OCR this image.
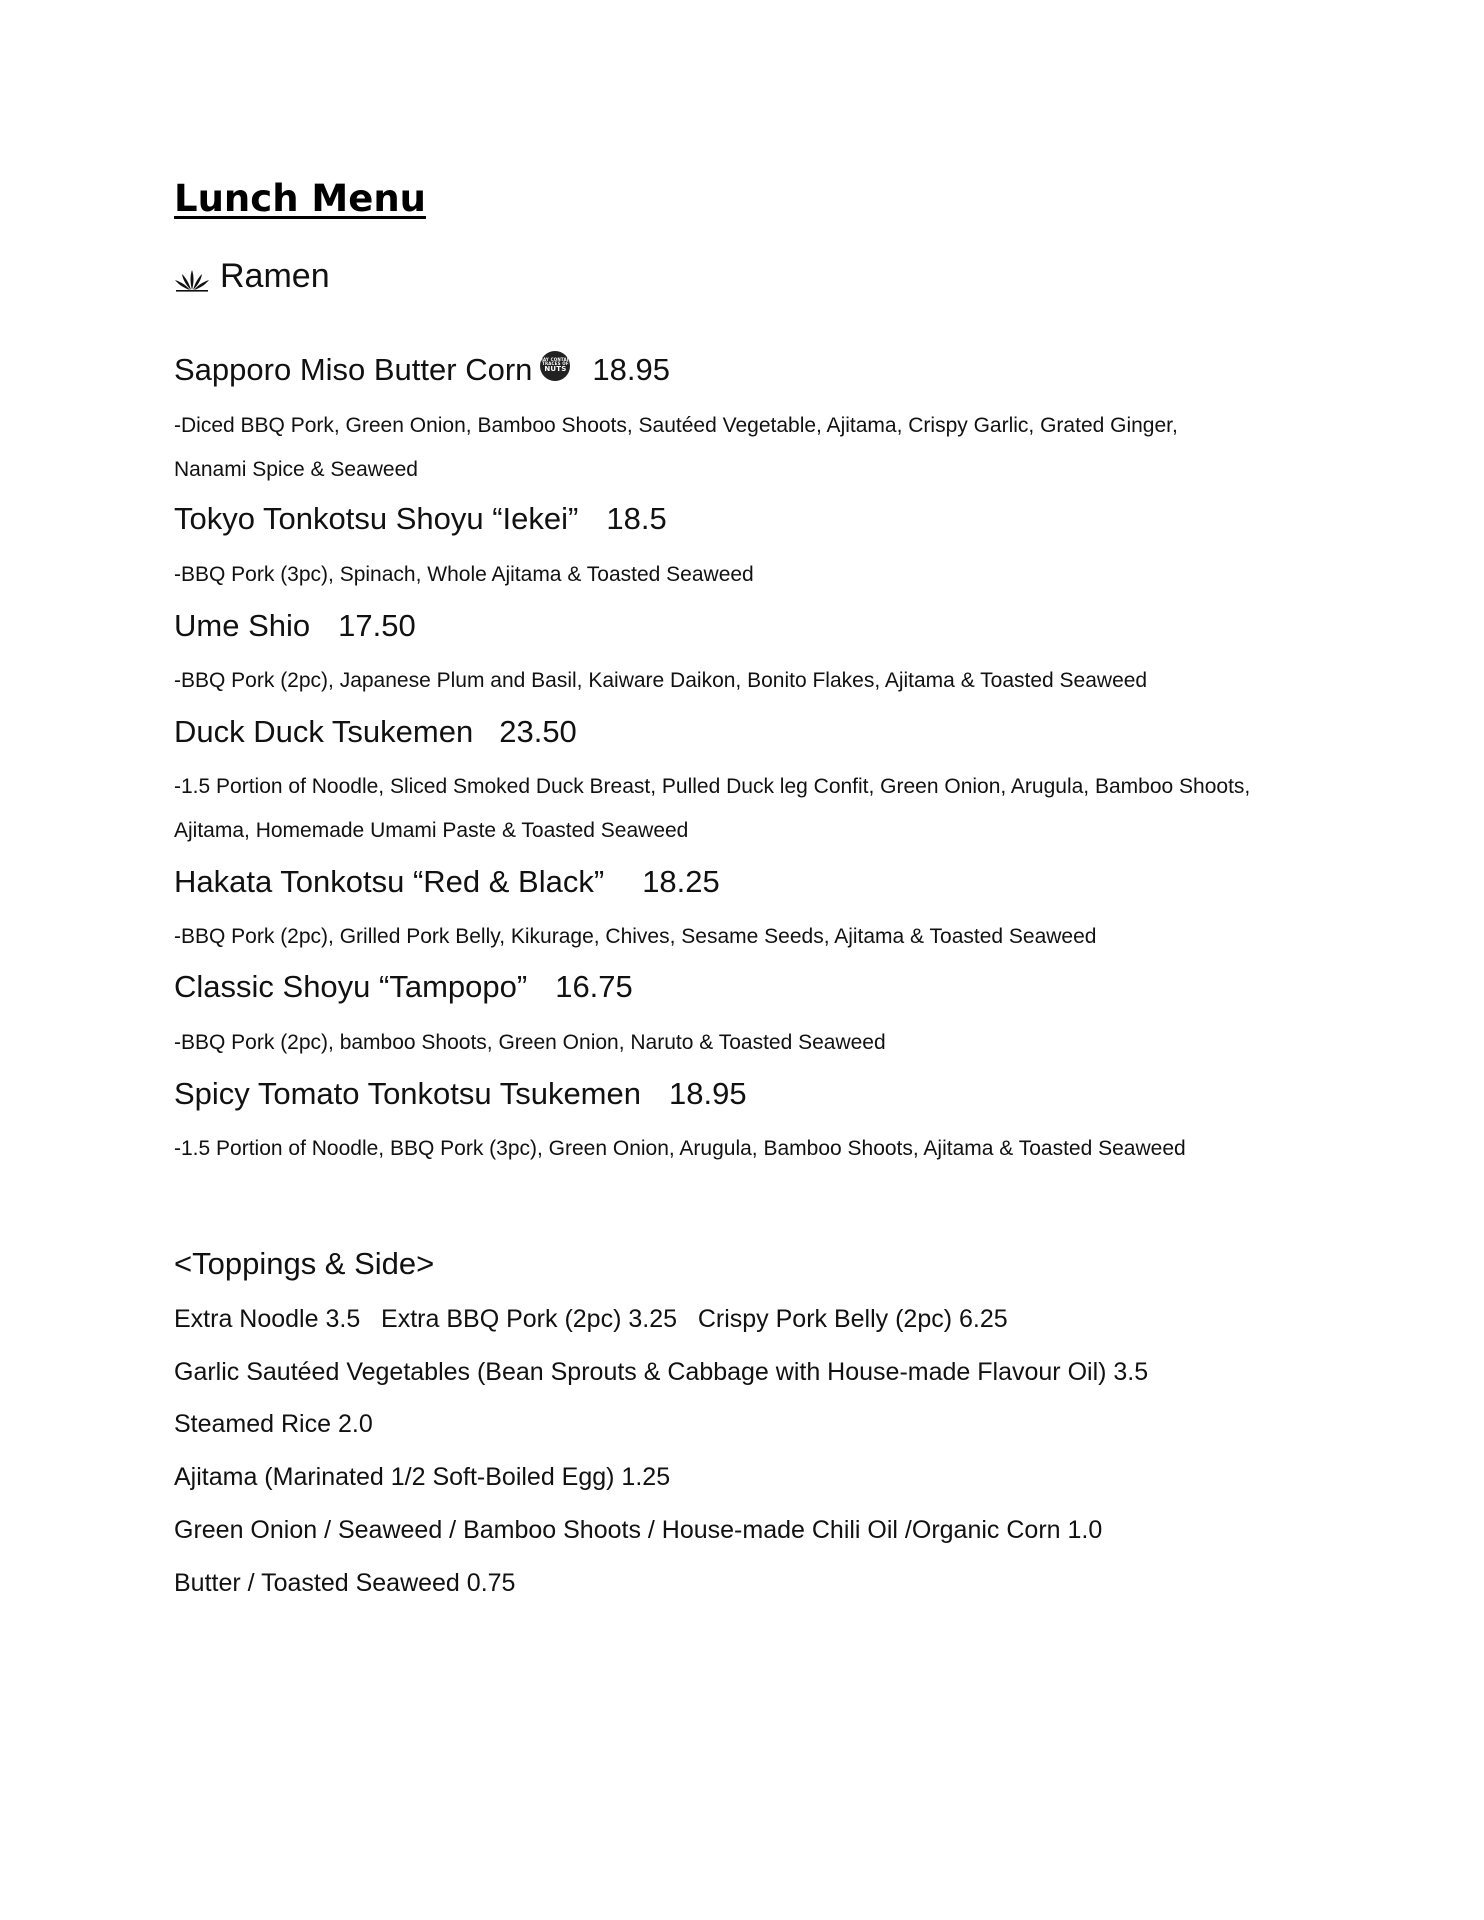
Lunch Menu
Ramen
Sapporo Miso Butter Corn MAY CONTAIN
TRACES OF
NUTS 18.95
-Diced BBQ Pork, Green Onion, Bamboo Shoots, Sautéed Vegetable, Ajitama, Crispy Garlic, Grated Ginger,
Nanami Spice & Seaweed
Tokyo Tonkotsu Shoyu “Iekei” 18.5
-BBQ Pork (3pc), Spinach, Whole Ajitama & Toasted Seaweed
Ume Shio 17.50
-BBQ Pork (2pc), Japanese Plum and Basil, Kaiware Daikon, Bonito Flakes, Ajitama & Toasted Seaweed
Duck Duck Tsukemen 23.50
-1.5 Portion of Noodle, Sliced Smoked Duck Breast, Pulled Duck leg Confit, Green Onion, Arugula, Bamboo Shoots,
Ajitama, Homemade Umami Paste & Toasted Seaweed
Hakata Tonkotsu “Red & Black” 18.25
-BBQ Pork (2pc), Grilled Pork Belly, Kikurage, Chives, Sesame Seeds, Ajitama & Toasted Seaweed
Classic Shoyu “Tampopo” 16.75
-BBQ Pork (2pc), bamboo Shoots, Green Onion, Naruto & Toasted Seaweed
Spicy Tomato Tonkotsu Tsukemen 18.95
-1.5 Portion of Noodle, BBQ Pork (3pc), Green Onion, Arugula, Bamboo Shoots, Ajitama & Toasted Seaweed
<Toppings & Side>
Extra Noodle 3.5   Extra BBQ Pork (2pc) 3.25   Crispy Pork Belly (2pc) 6.25
Garlic Sautéed Vegetables (Bean Sprouts & Cabbage with House-made Flavour Oil) 3.5
Steamed Rice 2.0
Ajitama (Marinated 1/2 Soft-Boiled Egg) 1.25
Green Onion / Seaweed / Bamboo Shoots / House-made Chili Oil /Organic Corn 1.0
Butter / Toasted Seaweed 0.75
